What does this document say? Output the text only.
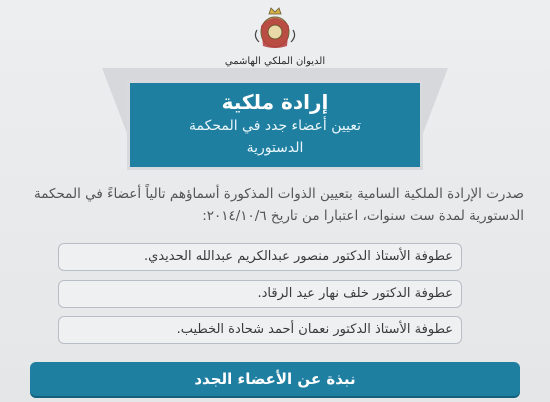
الديوان الملكي الهاشمي
إرادة ملكية
تعيين أعضاء جدد في المحكمة
الدستورية
صدرت الإرادة الملكية السامية بتعيين الذوات المذكورة أسماؤهم تالياً أعضاءً في المحكمة الدستورية لمدة ست سنوات، اعتبارا من تاريخ ٢٠١٤/١٠/٦:
عطوفة الأستاذ الدكتور منصور عبدالكريم عبدالله الحديدي.
عطوفة الدكتور خلف نهار عيد الرقاد.
عطوفة الأستاذ الدكتور نعمان أحمد شحادة الخطيب.
نبذة عن الأعضاء الجدد
